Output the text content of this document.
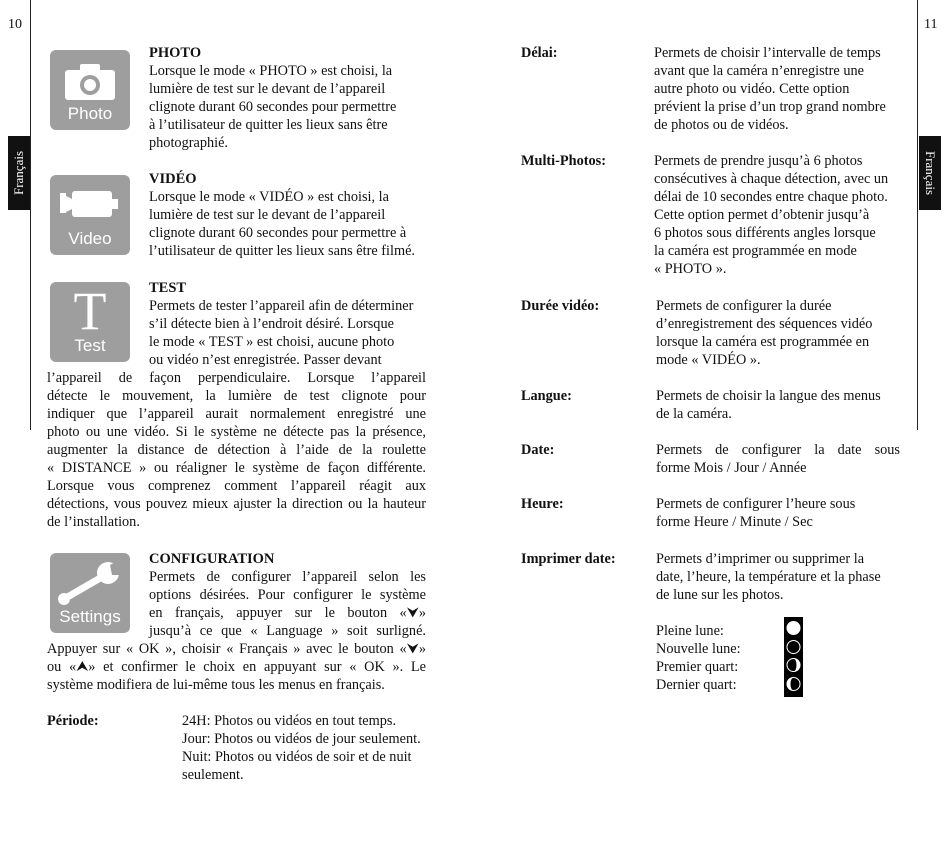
10	11
Français	Français
Photo
PHOTO
Lorsque le mode « PHOTO » est choisi, la
lumière de test sur le devant de l’appareil
clignote durant 60 secondes pour permettre
à l’utilisateur de quitter les lieux sans être
photographié.
Video
VIDÉO
Lorsque le mode « VIDÉO » est choisi, la
lumière de test sur le devant de l’appareil
clignote durant 60 secondes pour permettre à
l’utilisateur de quitter les lieux sans être filmé.
T
Test
TEST
Permets de tester l’appareil afin de déterminer
s’il détecte bien à l’endroit désiré. Lorsque
le mode « TEST » est choisi, aucune photo
ou vidéo n’est enregistrée. Passer devant
l’appareil de façon perpendiculaire. Lorsque l’appareil
détecte le mouvement, la lumière de test clignote pour
indiquer que l’appareil aurait normalement enregistré une
photo ou une vidéo. Si le système ne détecte pas la présence,
augmenter la distance de détection à l’aide de la roulette
« DISTANCE » ou réaligner le système de façon différente.
Lorsque vous comprenez comment l’appareil réagit aux
détections, vous pouvez mieux ajuster la direction ou la hauteur
de l’installation.
Settings
CONFIGURATION
Permets de configurer l’appareil selon les
options désirées. Pour configurer le système
en français, appuyer sur le bouton «⮟»
jusqu’à ce que « Language » soit surligné.
Appuyer sur « OK », choisir « Français » avec le bouton «⮟»
ou «⮝» et confirmer le choix en appuyant sur « OK ». Le
système modifiera de lui-même tous les menus en français.
Période:	24H: Photos ou vidéos en tout temps.
Jour: Photos ou vidéos de jour seulement.
Nuit: Photos ou vidéos de soir et de nuit
seulement.
Délai:	Permets de choisir l’intervalle de temps
avant que la caméra n’enregistre une
autre photo ou vidéo. Cette option
prévient la prise d’un trop grand nombre
de photos ou de vidéos.
Multi-Photos:	Permets de prendre jusqu’à 6 photos
consécutives à chaque détection, avec un
délai de 10 secondes entre chaque photo.
Cette option permet d’obtenir jusqu’à
6 photos sous différents angles lorsque
la caméra est programmée en mode
« PHOTO ».
Durée vidéo:	Permets de configurer la durée
d’enregistrement des séquences vidéo
lorsque la caméra est programmée en
mode « VIDÉO ».
Langue:	Permets de choisir la langue des menus
de la caméra.
Date:	Permets de configurer la date sous
forme Mois / Jour / Année
Heure:	Permets de configurer l’heure sous
forme Heure / Minute / Sec
Imprimer date:	Permets d’imprimer ou supprimer la
date, l’heure, la température et la phase
de lune sur les photos.
Pleine lune:
Nouvelle lune:
Premier quart:
Dernier quart:
